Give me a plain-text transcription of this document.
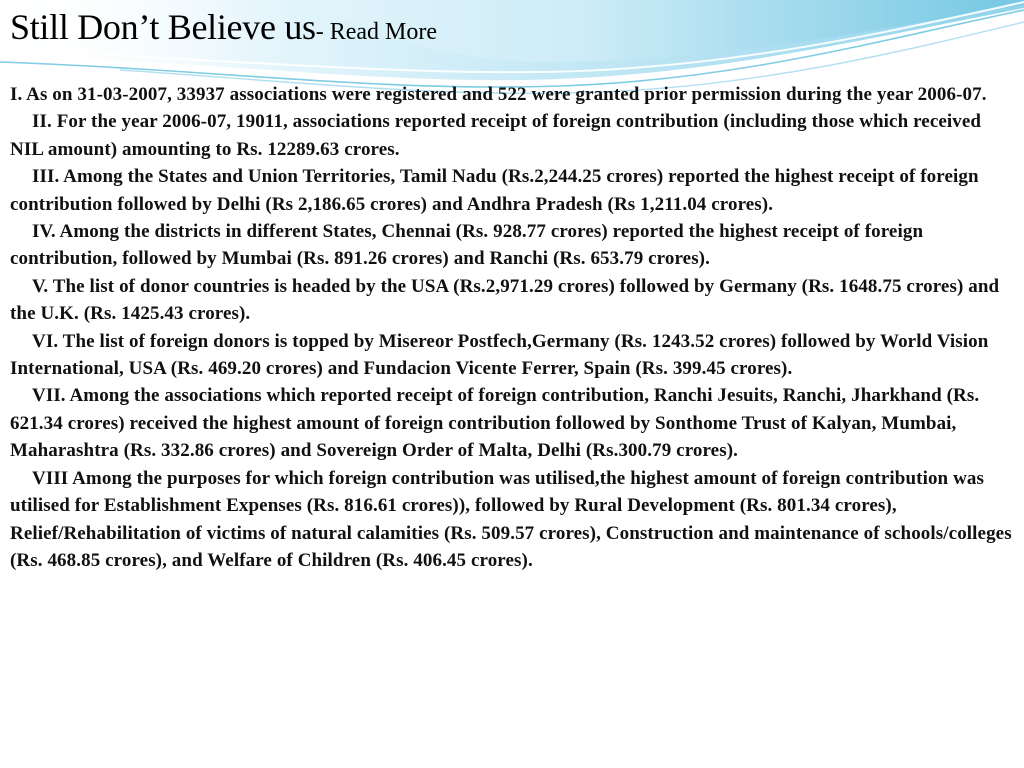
Still Don’t Believe us- Read More

I. As on 31-03-2007, 33937 associations were registered and 522 were granted prior permission during the year 2006-07.

II. For the year 2006-07, 19011, associations reported receipt of foreign contribution (including those which received NIL amount) amounting to Rs. 12289.63 crores.

III. Among the States and Union Territories, Tamil Nadu (Rs.2,244.25 crores) reported the highest receipt of foreign contribution followed by Delhi (Rs 2,186.65 crores) and Andhra Pradesh (Rs 1,211.04 crores).

IV. Among the districts in different States, Chennai (Rs. 928.77 crores) reported the highest receipt of foreign contribution, followed by Mumbai (Rs. 891.26 crores) and Ranchi (Rs. 653.79 crores).

V. The list of donor countries is headed by the USA (Rs.2,971.29 crores) followed by Germany (Rs. 1648.75 crores) and the U.K. (Rs. 1425.43 crores).

VI. The list of foreign donors is topped by Misereor Postfech,Germany (Rs. 1243.52 crores) followed by World Vision International, USA (Rs. 469.20 crores) and Fundacion Vicente Ferrer, Spain (Rs. 399.45 crores).

VII. Among the associations which reported receipt of foreign contribution, Ranchi Jesuits, Ranchi, Jharkhand (Rs. 621.34 crores) received the highest amount of foreign contribution followed by Sonthome Trust of Kalyan, Mumbai, Maharashtra (Rs. 332.86 crores) and Sovereign Order of Malta, Delhi (Rs.300.79 crores).

VIII Among the purposes for which foreign contribution was utilised,the highest amount of foreign contribution was utilised for Establishment Expenses (Rs. 816.61 crores)), followed by Rural Development (Rs. 801.34 crores), Relief/Rehabilitation of victims of natural calamities (Rs. 509.57 crores), Construction and maintenance of schools/colleges (Rs. 468.85 crores), and Welfare of Children (Rs. 406.45 crores).
